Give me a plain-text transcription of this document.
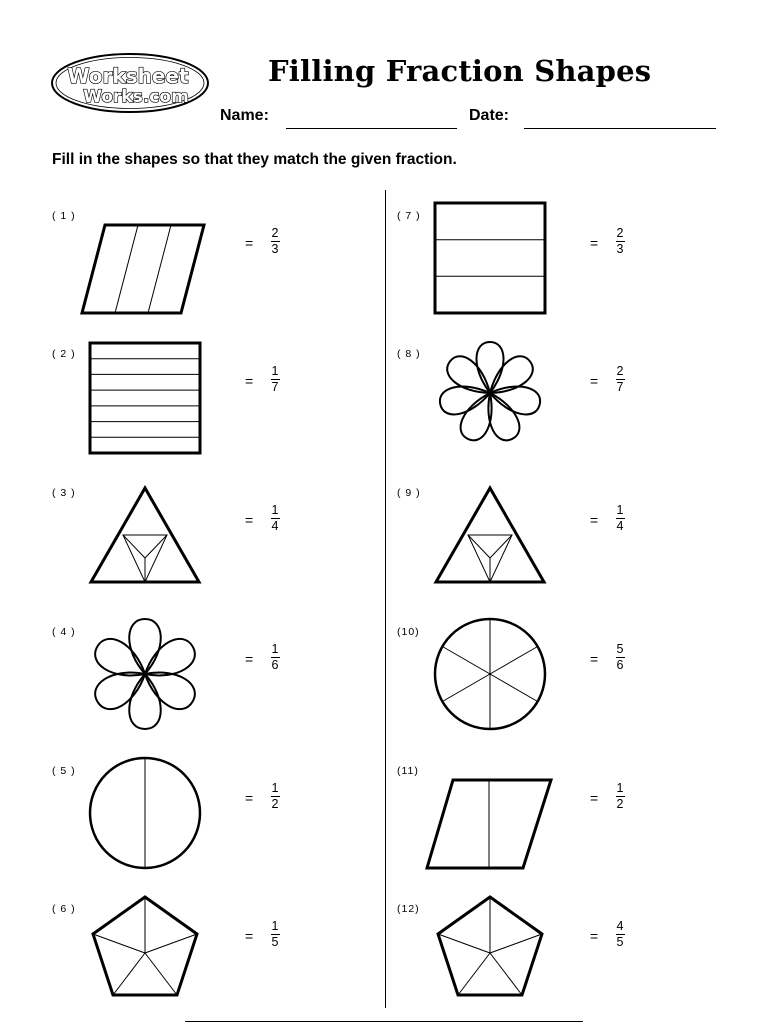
Worksheet
Works.com
Filling Fraction Shapes
Name:	Date:

Fill in the shapes so that they match the given fraction.

( 1 )
=
2
3
( 2 )
=
1
7
( 3 )
=
1
4
( 4 )
=
1
6
( 5 )
=
1
2
( 6 )
=
1
5
( 7 )
=
2
3
( 8 )
=
2
7
( 9 )
=
1
4
(10)
=
5
6
(11)
=
1
2
(12)
=
4
5
